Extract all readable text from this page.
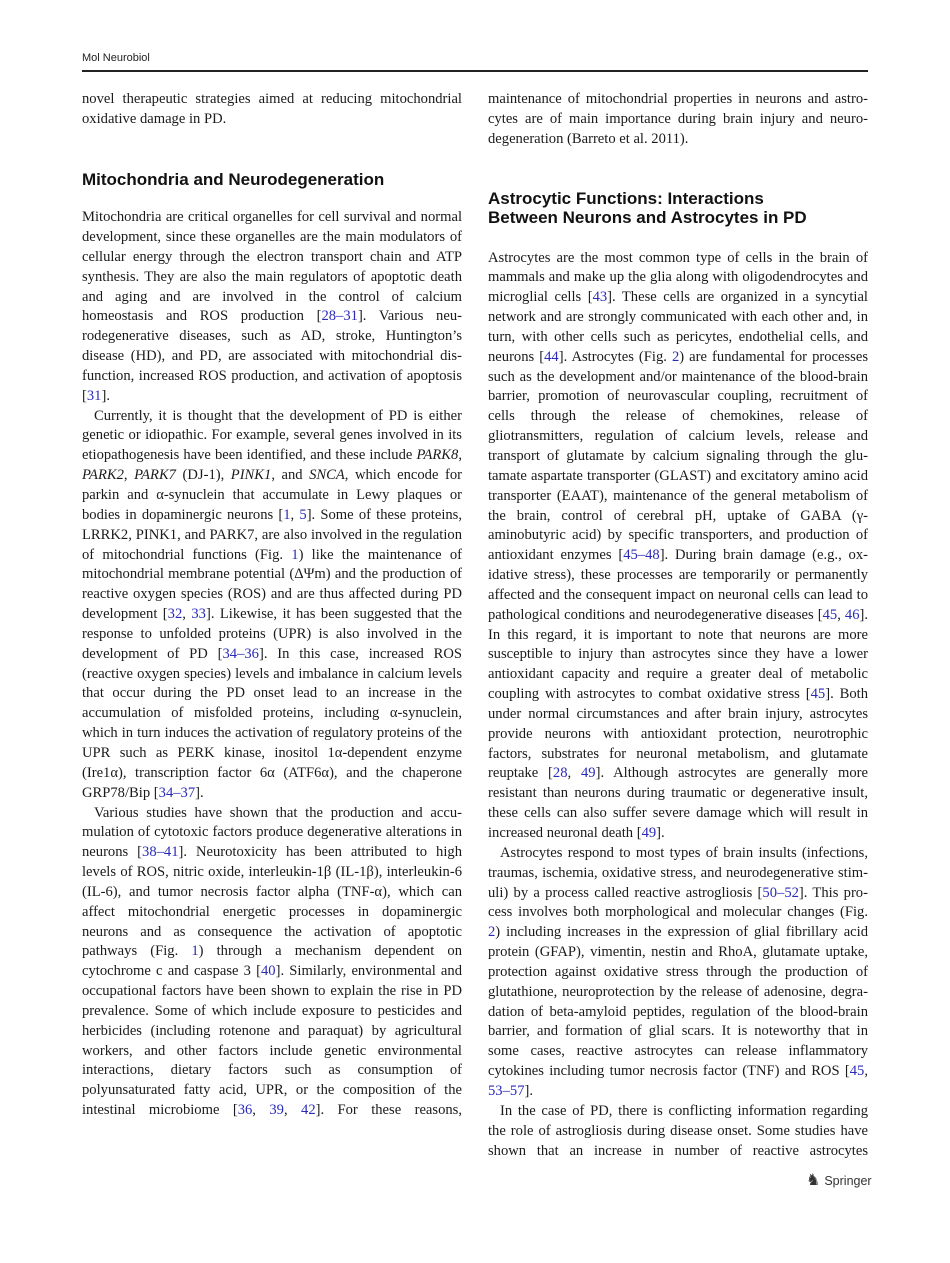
Mol Neurobiol

novel therapeutic strategies aimed at reducing mitochondrial oxidative damage in PD.

Mitochondria and Neurodegeneration

Mitochondria are critical organelles for cell survival and normal development, since these organelles are the main modulators of cellular energy through the electron transport chain and ATP synthesis. They are also the main regulators of apoptotic death and aging and are involved in the control of calcium homeostasis and ROS production [28–31]. Various neurodegenerative diseases, such as AD, stroke, Huntington’s disease (HD), and PD, are associated with mitochondrial disfunction, increased ROS production, and activation of apoptosis [31].

Currently, it is thought that the development of PD is either genetic or idiopathic. For example, several genes involved in its etiopathogenesis have been identified, and these include PARK8, PARK2, PARK7 (DJ-1), PINK1, and SNCA, which encode for parkin and α-synuclein that accumulate in Lewy plaques or bodies in dopaminergic neurons [1, 5]. Some of these proteins, LRRK2, PINK1, and PARK7, are also involved in the regulation of mitochondrial functions (Fig. 1) like the maintenance of mitochondrial membrane potential (ΔΨm) and the production of reactive oxygen species (ROS) and are thus affected during PD development [32, 33]. Likewise, it has been suggested that the response to unfolded proteins (UPR) is also involved in the development of PD [34–36]. In this case, increased ROS (reactive oxygen species) levels and imbalance in calcium levels that occur during the PD onset lead to an increase in the accumulation of misfolded proteins, including α-synuclein, which in turn induces the activation of regulatory proteins of the UPR such as PERK kinase, inositol 1α-dependent enzyme (Ire1α), transcription factor 6α (ATF6α), and the chaperone GRP78/Bip [34–37].

Various studies have shown that the production and accumulation of cytotoxic factors produce degenerative alterations in neurons [38–41]. Neurotoxicity has been attributed to high levels of ROS, nitric oxide, interleukin-1β (IL-1β), interleukin-6 (IL-6), and tumor necrosis factor alpha (TNF-α), which can affect mitochondrial energetic processes in dopaminergic neurons and as consequence the activation of apoptotic pathways (Fig. 1) through a mechanism dependent on cytochrome c and caspase 3 [40]. Similarly, environmental and occupational factors have been shown to explain the rise in PD prevalence. Some of which include exposure to pesticides and herbicides (including rotenone and paraquat) by agricultural workers, and other factors include genetic environmental interactions, dietary factors such as consumption of polyunsaturated fatty acid, UPR, or the composition of the intestinal microbiome [36, 39, 42]. For these reasons,

maintenance of mitochondrial properties in neurons and astrocytes are of main importance during brain injury and neurodegeneration (Barreto et al. 2011).

Astrocytic Functions: Interactions
Between Neurons and Astrocytes in PD

Astrocytes are the most common type of cells in the brain of mammals and make up the glia along with oligodendrocytes and microglial cells [43]. These cells are organized in a syncytial network and are strongly communicated with each other and, in turn, with other cells such as pericytes, endothelial cells, and neurons [44]. Astrocytes (Fig. 2) are fundamental for processes such as the development and/or maintenance of the blood-brain barrier, promotion of neurovascular coupling, recruitment of cells through the release of chemokines, release of gliotransmitters, regulation of calcium levels, release and transport of glutamate by calcium signaling through the glutamate aspartate transporter (GLAST) and excitatory amino acid transporter (EAAT), maintenance of the general metabolism of the brain, control of cerebral pH, uptake of GABA (γ-aminobutyric acid) by specific transporters, and production of antioxidant enzymes [45–48]. During brain damage (e.g., oxidative stress), these processes are temporarily or permanently affected and the consequent impact on neuronal cells can lead to pathological conditions and neurodegenerative diseases [45, 46]. In this regard, it is important to note that neurons are more susceptible to injury than astrocytes since they have a lower antioxidant capacity and require a greater deal of metabolic coupling with astrocytes to combat oxidative stress [45]. Both under normal circumstances and after brain injury, astrocytes provide neurons with antioxidant protection, neurotrophic factors, substrates for neuronal metabolism, and glutamate reuptake [28, 49]. Although astrocytes are generally more resistant than neurons during traumatic or degenerative insult, these cells can also suffer severe damage which will result in increased neuronal death [49].

Astrocytes respond to most types of brain insults (infections, traumas, ischemia, oxidative stress, and neurodegenerative stimuli) by a process called reactive astrogliosis [50–52]. This process involves both morphological and molecular changes (Fig. 2) including increases in the expression of glial fibrillary acid protein (GFAP), vimentin, nestin and RhoA, glutamate uptake, protection against oxidative stress through the production of glutathione, neuroprotection by the release of adenosine, degradation of beta-amyloid peptides, regulation of the blood-brain barrier, and formation of glial scars. It is noteworthy that in some cases, reactive astrocytes can release inflammatory cytokines including tumor necrosis factor (TNF) and ROS [45, 53–57].

In the case of PD, there is conflicting information regarding the role of astrogliosis during disease onset. Some studies have shown that an increase in number of reactive astrocytes

♞ Springer
